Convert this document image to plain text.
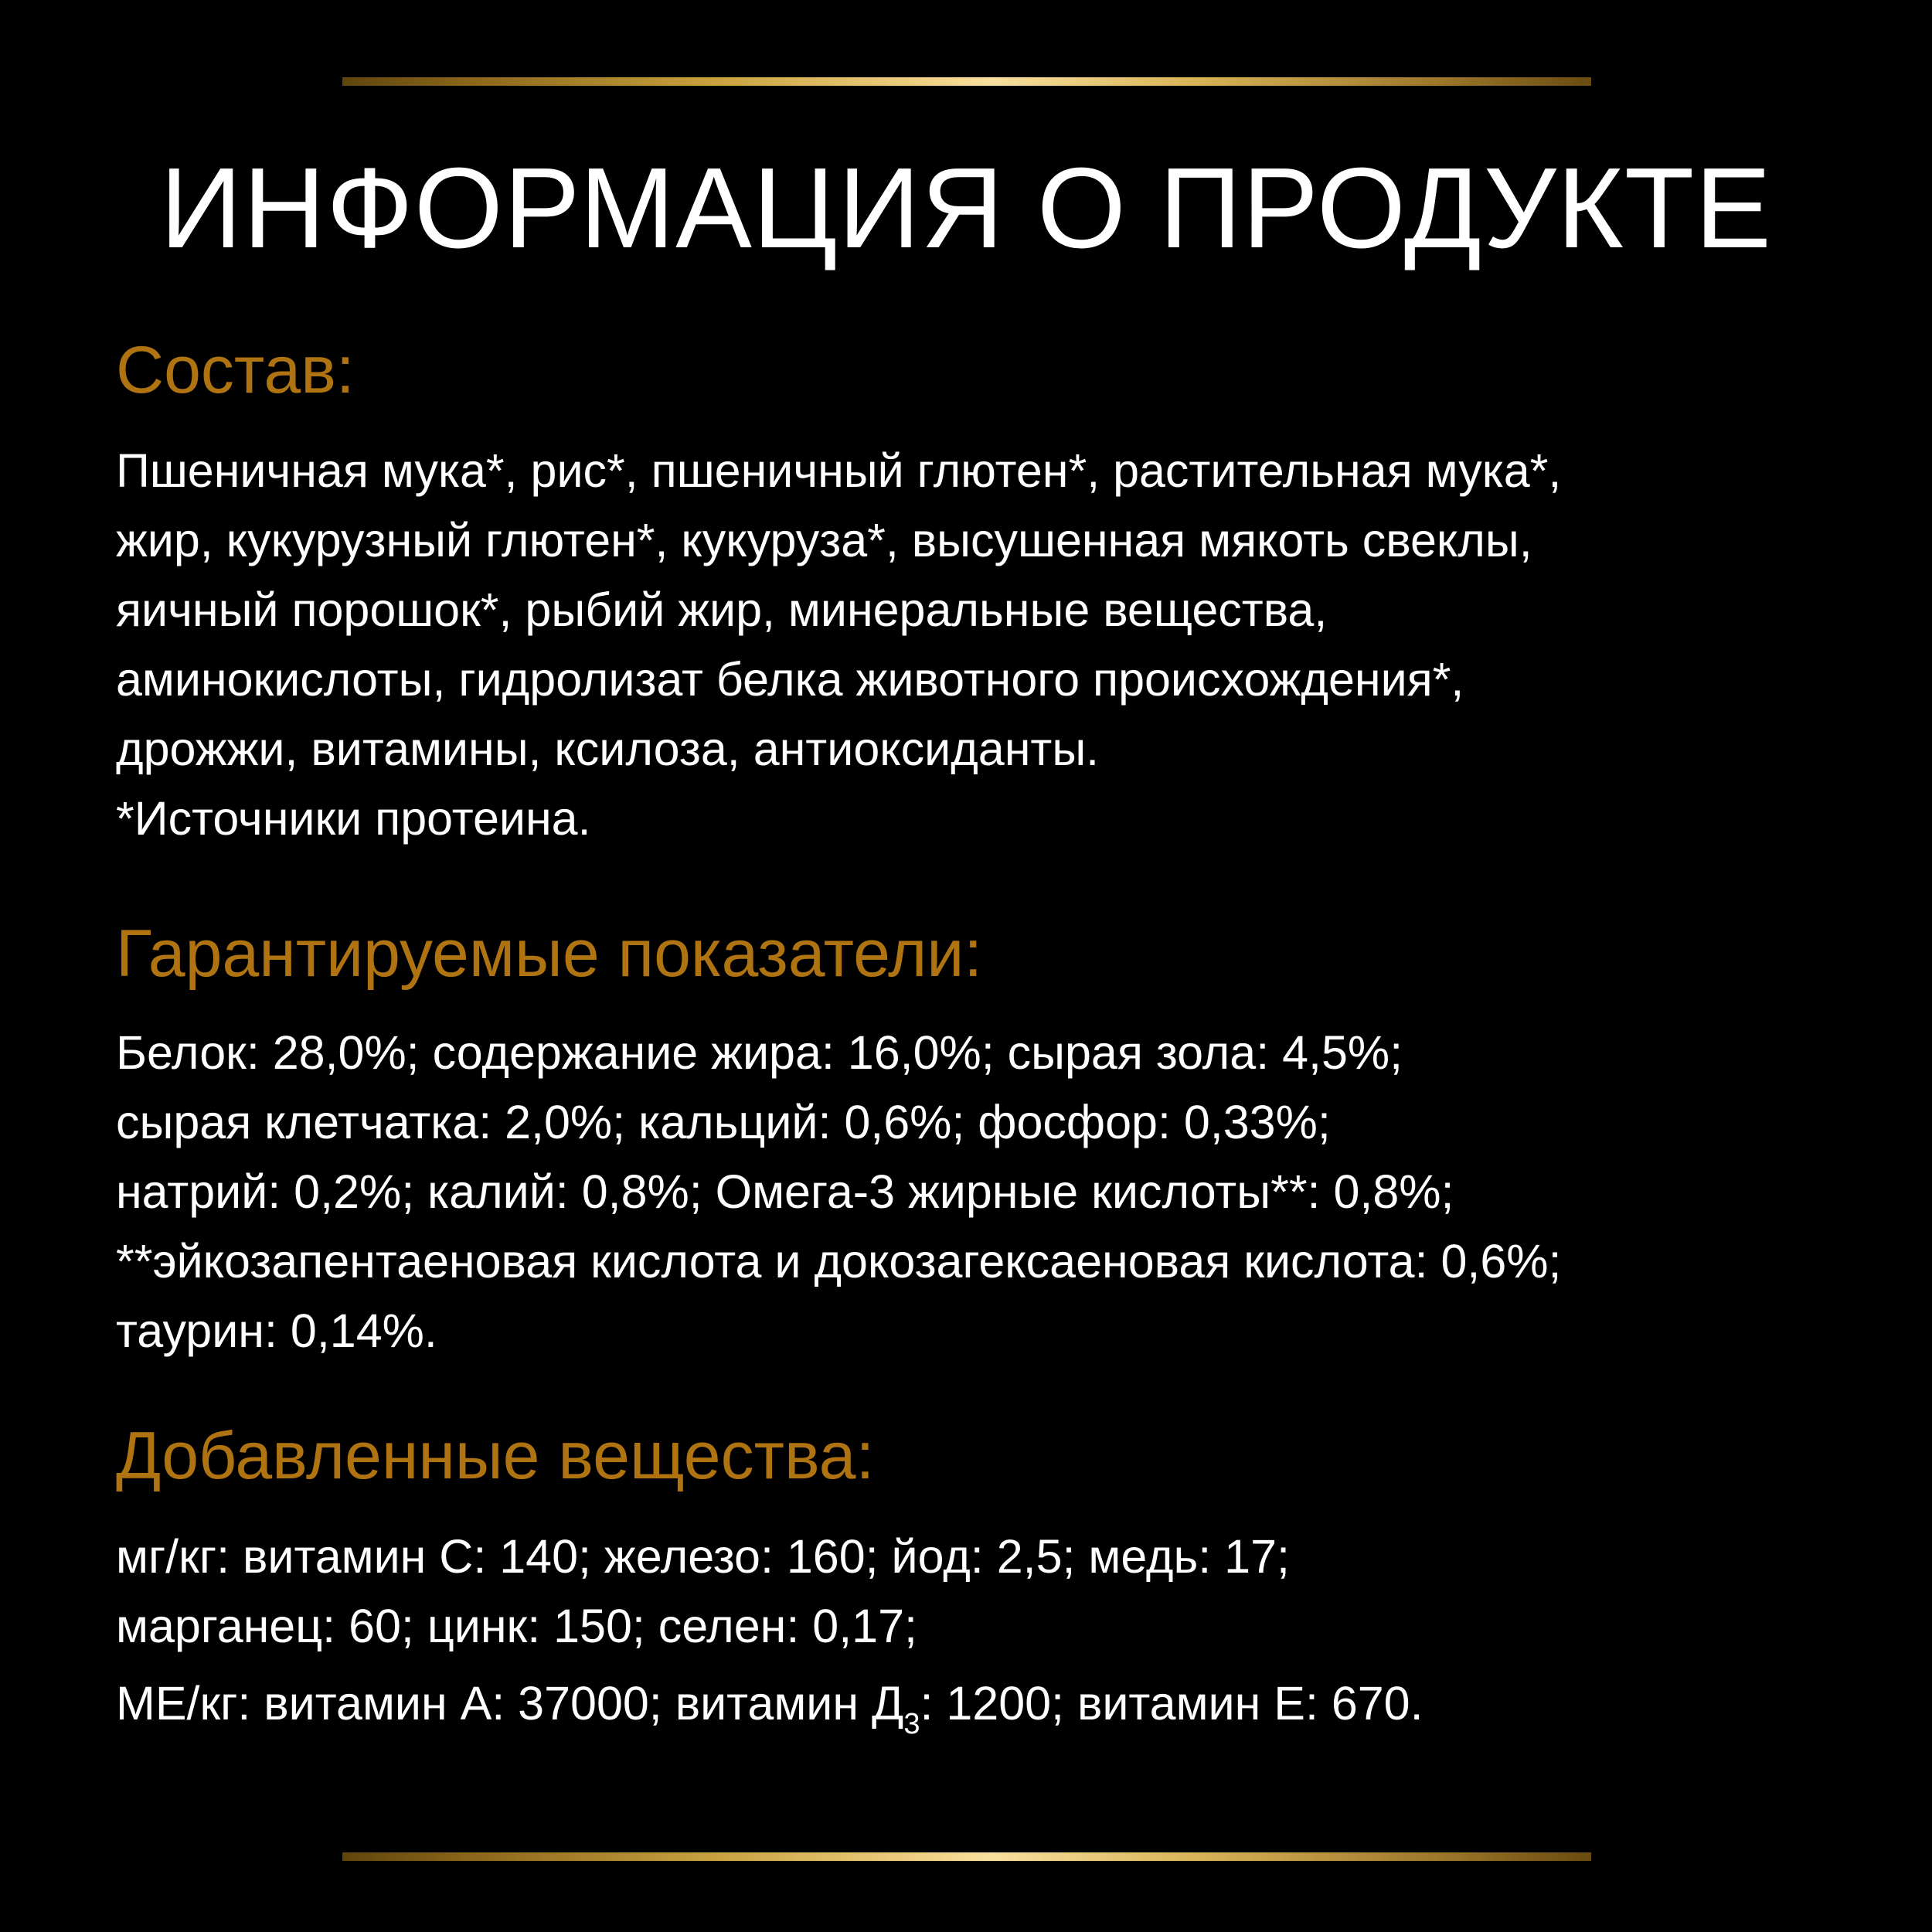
ИНФОРМАЦИЯ О ПРОДУКТЕ
Состав:
Пшеничная мука*, рис*, пшеничный глютен*, растительная мука*,
жир, кукурузный глютен*, кукуруза*, высушенная мякоть свеклы,
яичный порошок*, рыбий жир, минеральные вещества,
аминокислоты, гидролизат белка животного происхождения*,
дрожжи, витамины, ксилоза, антиоксиданты.
*Источники протеина.
Гарантируемые показатели:
Белок: 28,0%; содержание жира: 16,0%; сырая зола: 4,5%;
сырая клетчатка: 2,0%; кальций: 0,6%; фосфор: 0,33%;
натрий: 0,2%; калий: 0,8%; Омега-3 жирные кислоты**: 0,8%;
**эйкозапентаеновая кислота и докозагексаеновая кислота: 0,6%;
таурин: 0,14%.
Добавленные вещества:
мг/кг: витамин C: 140; железо: 160; йод: 2,5; медь: 17;
марганец: 60; цинк: 150; селен: 0,17;
МЕ/кг: витамин А: 37000; витамин $Д_3$: 1200; витамин Е: 670.
